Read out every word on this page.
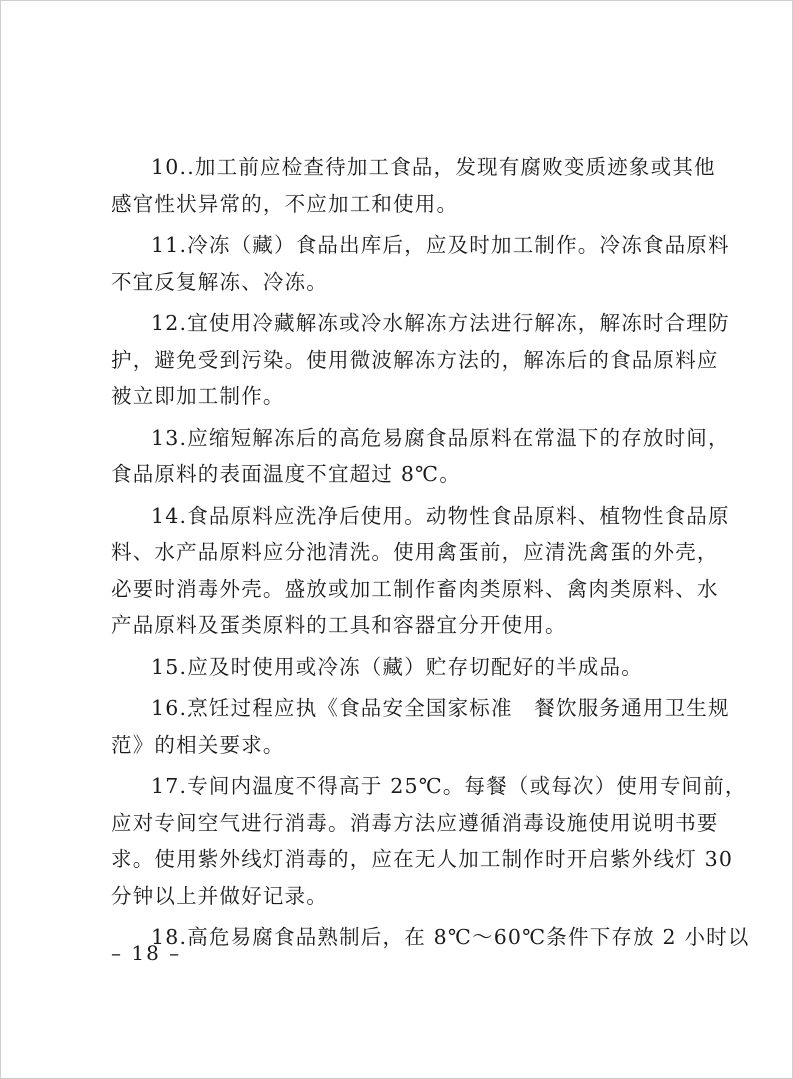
10..加工前应检查待加工食品，发现有腐败变质迹象或其他
感官性状异常的，不应加工和使用。

11.冷冻（藏）食品出库后，应及时加工制作。冷冻食品原料
不宜反复解冻、冷冻。

12.宜使用冷藏解冻或冷水解冻方法进行解冻，解冻时合理防
护，避免受到污染。使用微波解冻方法的，解冻后的食品原料应
被立即加工制作。

13.应缩短解冻后的高危易腐食品原料在常温下的存放时间，
食品原料的表面温度不宜超过 8℃。

14.食品原料应洗净后使用。动物性食品原料、植物性食品原
料、水产品原料应分池清洗。使用禽蛋前，应清洗禽蛋的外壳，
必要时消毒外壳。盛放或加工制作畜肉类原料、禽肉类原料、水
产品原料及蛋类原料的工具和容器宜分开使用。

15.应及时使用或冷冻（藏）贮存切配好的半成品。

16.烹饪过程应执《食品安全国家标准　餐饮服务通用卫生规
范》的相关要求。

17.专间内温度不得高于 25℃。每餐（或每次）使用专间前，
应对专间空气进行消毒。消毒方法应遵循消毒设施使用说明书要
求。使用紫外线灯消毒的，应在无人加工制作时开启紫外线灯 30
分钟以上并做好记录。

18.高危易腐食品熟制后，在 8℃～60℃条件下存放 2 小时以

– 18 –
